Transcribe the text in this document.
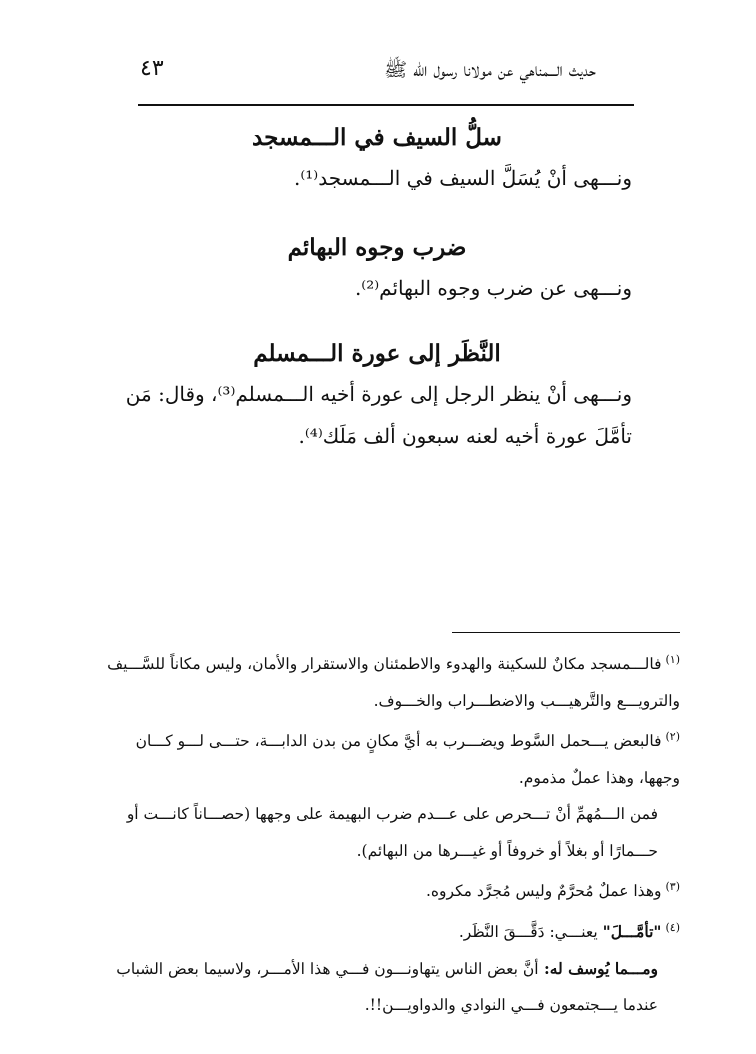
حديث الـــمناهي عن مولانا رسول الله ﷺ
٤٣
سلُّ السيف في الـــمسجد

ونـــهى أنْ يُسَلَّ السيف في الـــمسجد⁽¹⁾.

ضرب وجوه البهائم

ونـــهى عن ضرب وجوه البهائم⁽²⁾.

النَّظَر إلى عورة الـــمسلم

ونـــهى أنْ ينظر الرجل إلى عورة أخيه الـــمسلم⁽³⁾، وقال: مَن تأمَّلَ عورة أخيه لعنه سبعون ألف مَلَك⁽⁴⁾.

$^{(١)}$فالـــمسجد مكانٌ للسكينة والهدوء والاطمئنان والاستقرار والأمان، وليس مكاناً للسَّـــيف والترويـــع والتَّرهيـــب والاضطـــراب والخـــوف.

$^{(٢)}$فالبعض يـــحمل السَّوط ويضـــرب به أيَّ مكانٍ من بدن الدابـــة، حتـــى لـــو كـــان وجهها، وهذا عملٌ مذموم.

فمن الـــمُهمِّ أنْ تـــحرص على عـــدم ضرب البهيمة على وجهها (حصـــاناً كانـــت أو حـــمارًا أو بغلاً أو خروفاً أو غيـــرها من البهائم).

$^{(٣)}$وهذا عملٌ مُحرَّمٌ وليس مُجرَّد مكروه.

$^{(٤)}$"تأمَّـــلَ" يعنـــي: دَقَّـــقَ النَّظَر.

ومـــما يُوسف له: أنَّ بعض الناس يتهاونـــون فـــي هذا الأمـــر، ولاسيما بعض الشباب عندما يـــجتمعون فـــي النوادي والدواويـــن!!.
